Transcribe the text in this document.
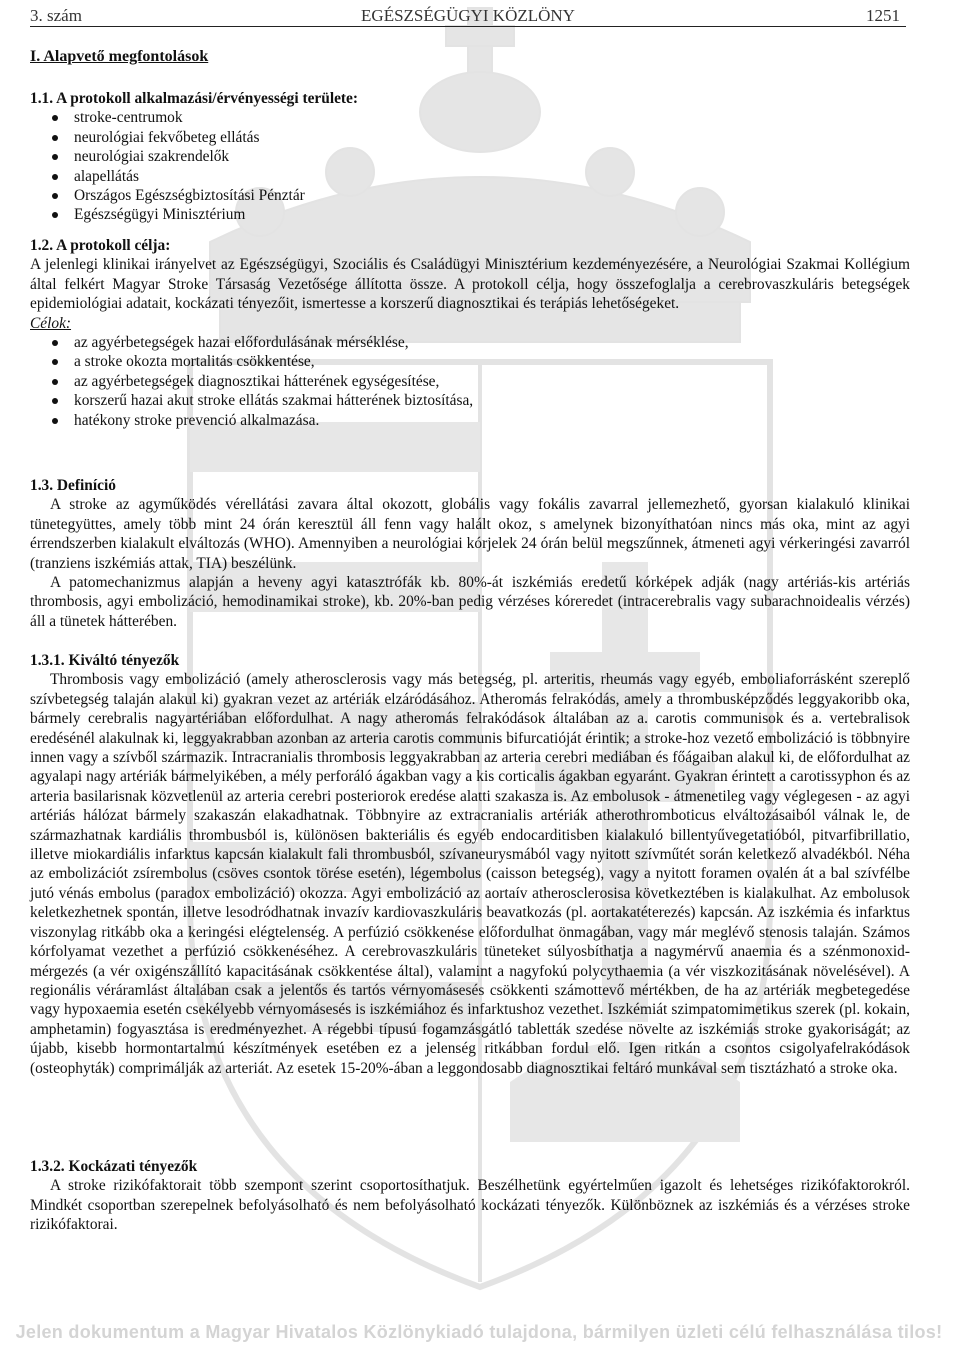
3. szám	EGÉSZSÉGÜGYI KÖZLÖNY	1251
I. Alapvető megfontolások
1.1. A protokoll alkalmazási/érvényességi területe:
stroke-centrumok
neurológiai fekvőbeteg ellátás
neurológiai szakrendelők
alapellátás
Országos Egészségbiztosítási Pénztár
Egészségügyi Minisztérium
1.2. A protokoll célja:

A jelenlegi klinikai irányelvet az Egészségügyi, Szociális és Családügyi Minisztérium kezdeményezésére, a Neurológiai Szakmai Kollégium által felkért Magyar Stroke Társaság Vezetősége állította össze. A protokoll célja, hogy összefoglalja a cerebrovaszkuláris betegségek epidemiológiai adatait, kockázati tényezőit, ismertesse a korszerű diagnosztikai és terápiás lehetőségeket.

Célok:
az agyérbetegségek hazai előfordulásának mérséklése,
a stroke okozta mortalitás csökkentése,
az agyérbetegségek diagnosztikai hátterének egységesítése,
korszerű hazai akut stroke ellátás szakmai hátterének biztosítása,
hatékony stroke prevenció alkalmazása.
1.3. Definíció

A stroke az agyműködés vérellátási zavara által okozott, globális vagy fokális zavarral jellemezhető, gyorsan kialakuló klinikai tünetegyüttes, amely több mint 24 órán keresztül áll fenn vagy halált okoz, s amelynek bizonyíthatóan nincs más oka, mint az agyi érrendszerben kialakult elváltozás (WHO). Amennyiben a neurológiai kórjelek 24 órán belül megszűnnek, átmeneti agyi vérkeringési zavarról (tranziens iszkémiás attak, TIA) beszélünk.

A patomechanizmus alapján a heveny agyi katasztrófák kb. 80%-át iszkémiás eredetű kórképek adják (nagy artériás-kis artériás thrombosis, agyi embolizáció, hemodinamikai stroke), kb. 20%-ban pedig vérzéses kóreredet (intracerebralis vagy subarachnoidealis vérzés) áll a tünetek hátterében.

1.3.1. Kiváltó tényezők

Thrombosis vagy embolizáció (amely atherosclerosis vagy más betegség, pl. arteritis, rheumás vagy egyéb, emboliaforrásként szereplő szívbetegség talaján alakul ki) gyakran vezet az artériák elzáródásához. Atheromás felrakódás, amely a thrombusképződés leggyakoribb oka, bármely cerebralis nagyartériában előfordulhat. A nagy atheromás felrakódások általában az a. carotis communisok és a. vertebralisok eredésénél alakulnak ki, leggyakrabban azonban az arteria carotis communis bifurcatióját érintik; a stroke-hoz vezető embolizáció is többnyire innen vagy a szívből származik. Intracranialis thrombosis leggyakrabban az arteria cerebri mediában és főágaiban alakul ki, de előfordulhat az agyalapi nagy artériák bármelyikében, a mély perforáló ágakban vagy a kis corticalis ágakban egyaránt. Gyakran érintett a carotissyphon és az arteria basilarisnak közvetlenül az arteria cerebri posteriorok eredése alatti szakasza is. Az embolusok - átmenetileg vagy véglegesen - az agyi artériás hálózat bármely szakaszán elakadhatnak. Többnyire az extracranialis artériák atherothromboticus elváltozásaiból válnak le, de származhatnak kardiális thrombusból is, különösen bakteriális és egyéb endocarditisben kialakuló billentyűvegetatióból, pitvarfibrillatio, illetve miokardiális infarktus kapcsán kialakult fali thrombusból, szívaneurysmából vagy nyitott szívműtét során keletkező alvadékból. Néha az embolizációt zsírembolus (csöves csontok törése esetén), légembolus (caisson betegség), vagy a nyitott foramen ovalén át a bal szívfélbe jutó vénás embolus (paradox embolizáció) okozza. Agyi embolizáció az aortaív atherosclerosisa következtében is kialakulhat. Az embolusok keletkezhetnek spontán, illetve lesodródhatnak invazív kardiovaszkuláris beavatkozás (pl. aortakatéterezés) kapcsán. Az iszkémia és infarktus viszonylag ritkább oka a keringési elégtelenség. A perfúzió csökkenése előfordulhat önmagában, vagy már meglévő stenosis talaján. Számos kórfolyamat vezethet a perfúzió csökkenéséhez. A cerebrovaszkuláris tüneteket súlyosbíthatja a nagymérvű anaemia és a szénmonoxid-mérgezés (a vér oxigénszállító kapacitásának csökkentése által), valamint a nagyfokú polycythaemia (a vér viszkozitásának növelésével). A regionális véráramlást általában csak a jelentős és tartós vérnyomásesés csökkenti számottevő mértékben, de ha az artériák megbetegedése vagy hypoxaemia esetén csekélyebb vérnyomásesés is iszkémiához és infarktushoz vezethet. Iszkémiát szimpatomimetikus szerek (pl. kokain, amphetamin) fogyasztása is eredményezhet. A régebbi típusú fogamzásgátló tabletták szedése növelte az iszkémiás stroke gyakoriságát; az újabb, kisebb hormontartalmú készítmények esetében ez a jelenség ritkábban fordul elő. Igen ritkán a csontos csigolyafelrakódások (osteophyták) comprimálják az arteriát. Az esetek 15-20%-ában a leggondosabb diagnosztikai feltáró munkával sem tisztázható a stroke oka.

1.3.2. Kockázati tényezők

A stroke rizikófaktorait több szempont szerint csoportosíthatjuk. Beszélhetünk egyértelműen igazolt és lehetséges rizikófaktorokról. Mindkét csoportban szerepelnek befolyásolható és nem befolyásolható kockázati tényezők. Különböznek az iszkémiás és a vérzéses stroke rizikófaktorai.

Jelen dokumentum a Magyar Hivatalos Közlönykiadó tulajdona, bármilyen üzleti célú felhasználása tilos!
